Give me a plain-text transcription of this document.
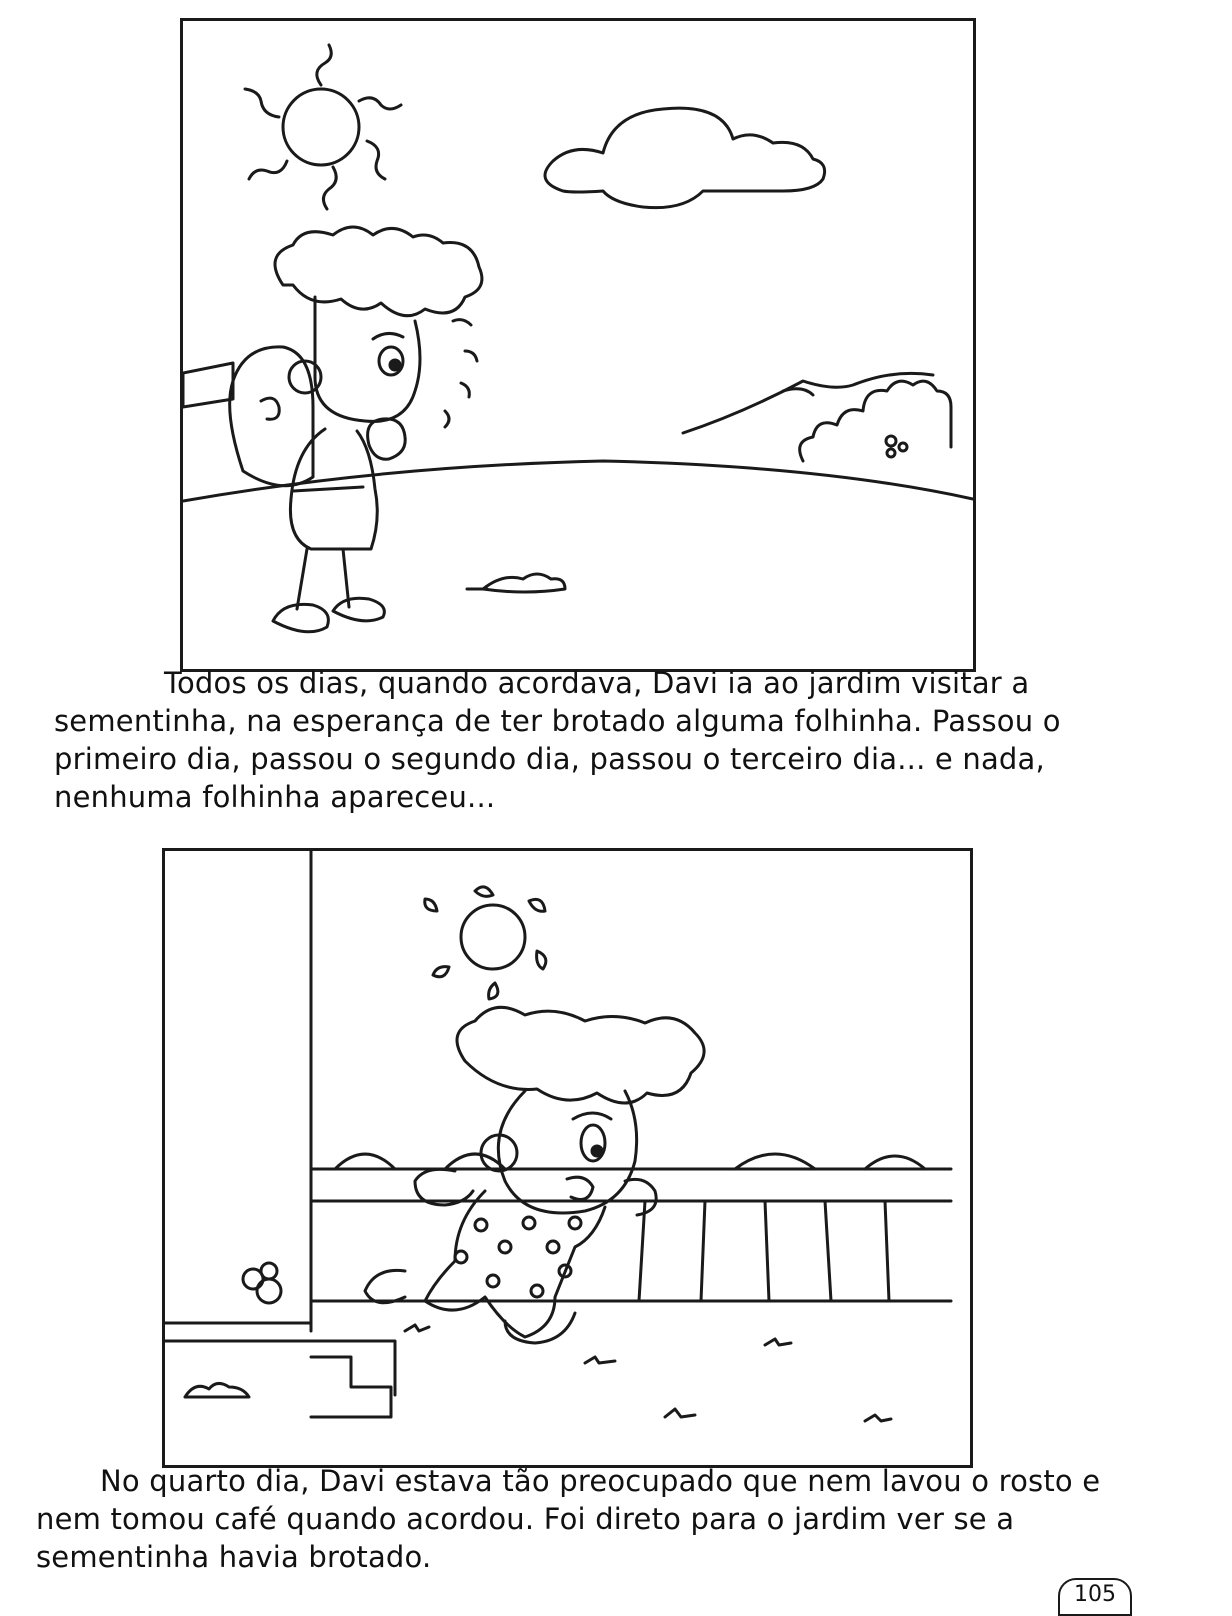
Todos os dias, quando acordava, Davi ia ao jardim visitar a
sementinha, na esperança de ter brotado alguma folhinha. Passou o
primeiro dia, passou o segundo dia, passou o terceiro dia... e nada,
nenhuma folhinha apareceu...
No quarto dia, Davi estava tão preocupado que nem lavou o rosto e
nem tomou café quando acordou. Foi direto para o jardim ver se a
sementinha havia brotado.
105
